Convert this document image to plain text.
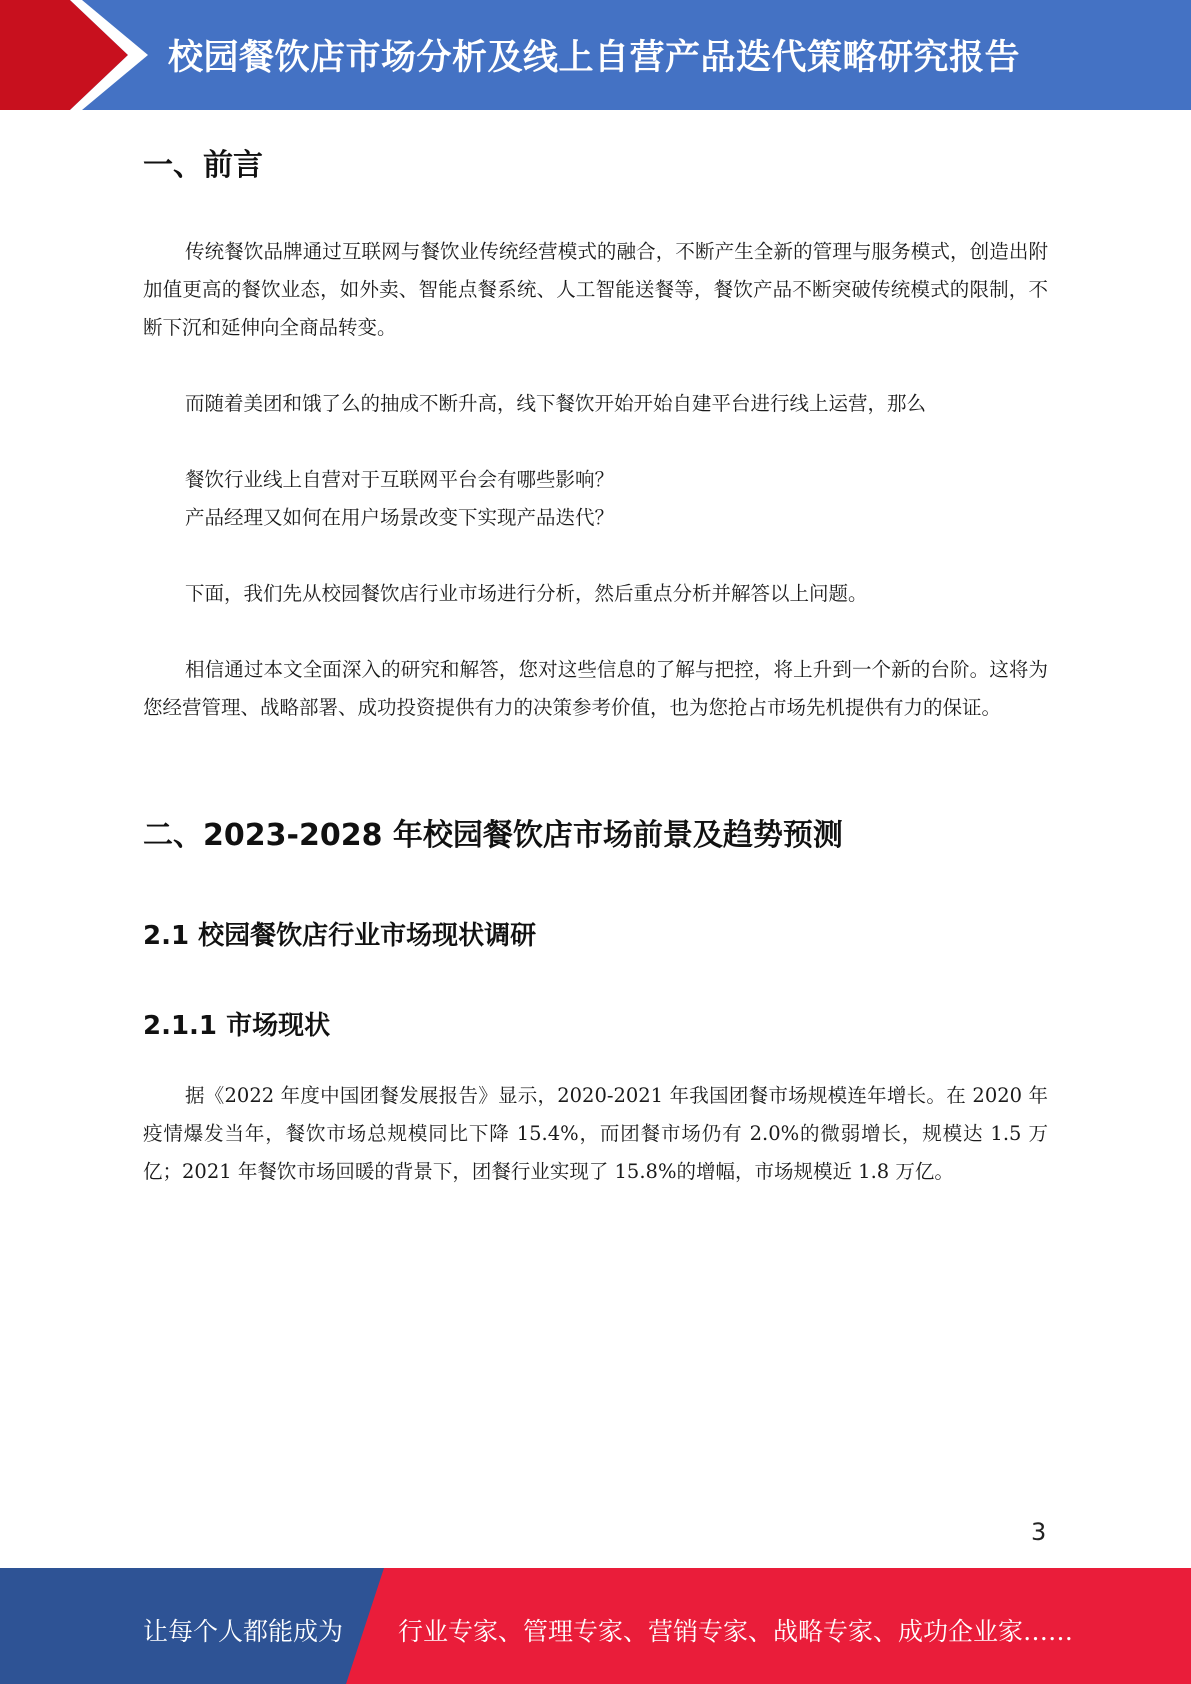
校园餐饮店市场分析及线上自营产品迭代策略研究报告
一、前言

传统餐饮品牌通过互联网与餐饮业传统经营模式的融合，不断产生全新的管理与服务模式，创造出附加值更高的餐饮业态，如外卖、智能点餐系统、人工智能送餐等，餐饮产品不断突破传统模式的限制，不断下沉和延伸向全商品转变。

而随着美团和饿了么的抽成不断升高，线下餐饮开始开始自建平台进行线上运营，那么

餐饮行业线上自营对于互联网平台会有哪些影响？
产品经理又如何在用户场景改变下实现产品迭代？

下面，我们先从校园餐饮店行业市场进行分析，然后重点分析并解答以上问题。

相信通过本文全面深入的研究和解答，您对这些信息的了解与把控，将上升到一个新的台阶。这将为您经营管理、战略部署、成功投资提供有力的决策参考价值，也为您抢占市场先机提供有力的保证。

二、2023-2028 年校园餐饮店市场前景及趋势预测
2.1 校园餐饮店行业市场现状调研
2.1.1 市场现状

据《2022 年度中国团餐发展报告》显示，2020-2021 年我国团餐市场规模连年增长。在 2020 年疫情爆发当年，餐饮市场总规模同比下降 15.4%，而团餐市场仍有 2.0%的微弱增长，规模达 1.5 万亿；2021 年餐饮市场回暖的背景下，团餐行业实现了 15.8%的增幅，市场规模近 1.8 万亿。

3
让每个人都能成为 行业专家、管理专家、营销专家、战略专家、成功企业家……
